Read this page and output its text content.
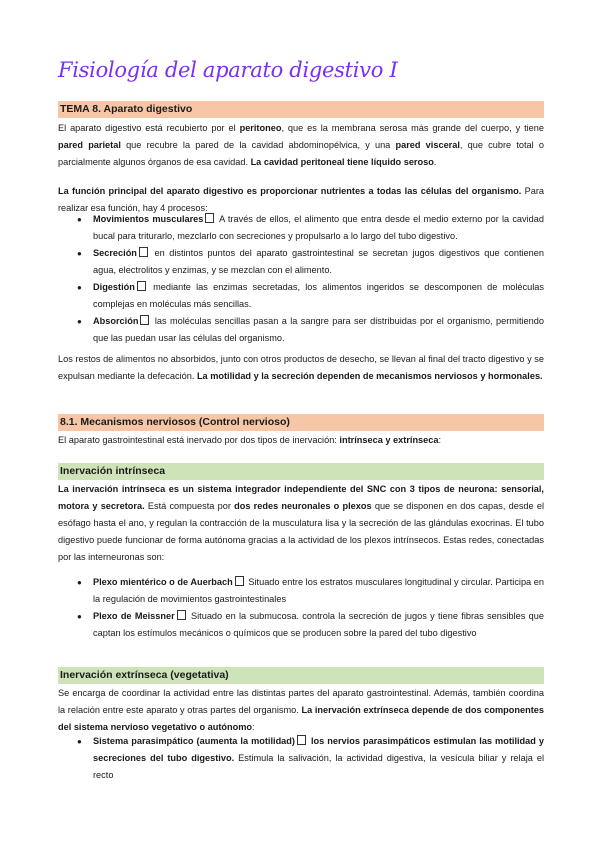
Fisiología del aparato digestivo I
TEMA 8. Aparato digestivo
El aparato digestivo está recubierto por el peritoneo, que es la membrana serosa más grande del cuerpo, y tiene pared parietal que recubre la pared de la cavidad abdominopélvica, y una pared visceral, que cubre total o parcialmente algunos órganos de esa cavidad. La cavidad peritoneal tiene líquido seroso.
La función principal del aparato digestivo es proporcionar nutrientes a todas las células del organismo. Para realizar esa función, hay 4 procesos:
● Movimientos musculares A través de ellos, el alimento que entra desde el medio externo por la cavidad bucal para triturarlo, mezclarlo con secreciones y propulsarlo a lo largo del tubo digestivo.
● Secreción en distintos puntos del aparato gastrointestinal se secretan jugos digestivos que contienen agua, electrolitos y enzimas, y se mezclan con el alimento.
● Digestión mediante las enzimas secretadas, los alimentos ingeridos se descomponen de moléculas complejas en moléculas más sencillas.
● Absorción las moléculas sencillas pasan a la sangre para ser distribuidas por el organismo, permitiendo que las puedan usar las células del organismo.
Los restos de alimentos no absorbidos, junto con otros productos de desecho, se llevan al final del tracto digestivo y se expulsan mediante la defecación. La motilidad y la secreción dependen de mecanismos nerviosos y hormonales.
8.1. Mecanismos nerviosos (Control nervioso)
El aparato gastrointestinal está inervado por dos tipos de inervación: intrínseca y extrínseca:
Inervación intrínseca
La inervación intrínseca es un sistema integrador independiente del SNC con 3 tipos de neurona: sensorial, motora y secretora. Está compuesta por dos redes neuronales o plexos que se disponen en dos capas, desde el esófago hasta el ano, y regulan la contracción de la musculatura lisa y la secreción de las glándulas exocrinas. El tubo digestivo puede funcionar de forma autónoma gracias a la actividad de los plexos intrínsecos. Estas redes, conectadas por las interneuronas son:
● Plexo mientérico o de Auerbach Situado entre los estratos musculares longitudinal y circular. Participa en la regulación de movimientos gastrointestinales
● Plexo de Meissner Situado en la submucosa. controla la secreción de jugos y tiene fibras sensibles que captan los estímulos mecánicos o químicos que se producen sobre la pared del tubo digestivo
Inervación extrínseca (vegetativa)
Se encarga de coordinar la actividad entre las distintas partes del aparato gastrointestinal. Además, también coordina la relación entre este aparato y otras partes del organismo. La inervación extrínseca depende de dos componentes del sistema nervioso vegetativo o autónomo:
● Sistema parasimpático (aumenta la motilidad) los nervios parasimpáticos estimulan las motilidad y secreciones del tubo digestivo. Estimula la salivación, la actividad digestiva, la vesícula biliar y relaja el recto
